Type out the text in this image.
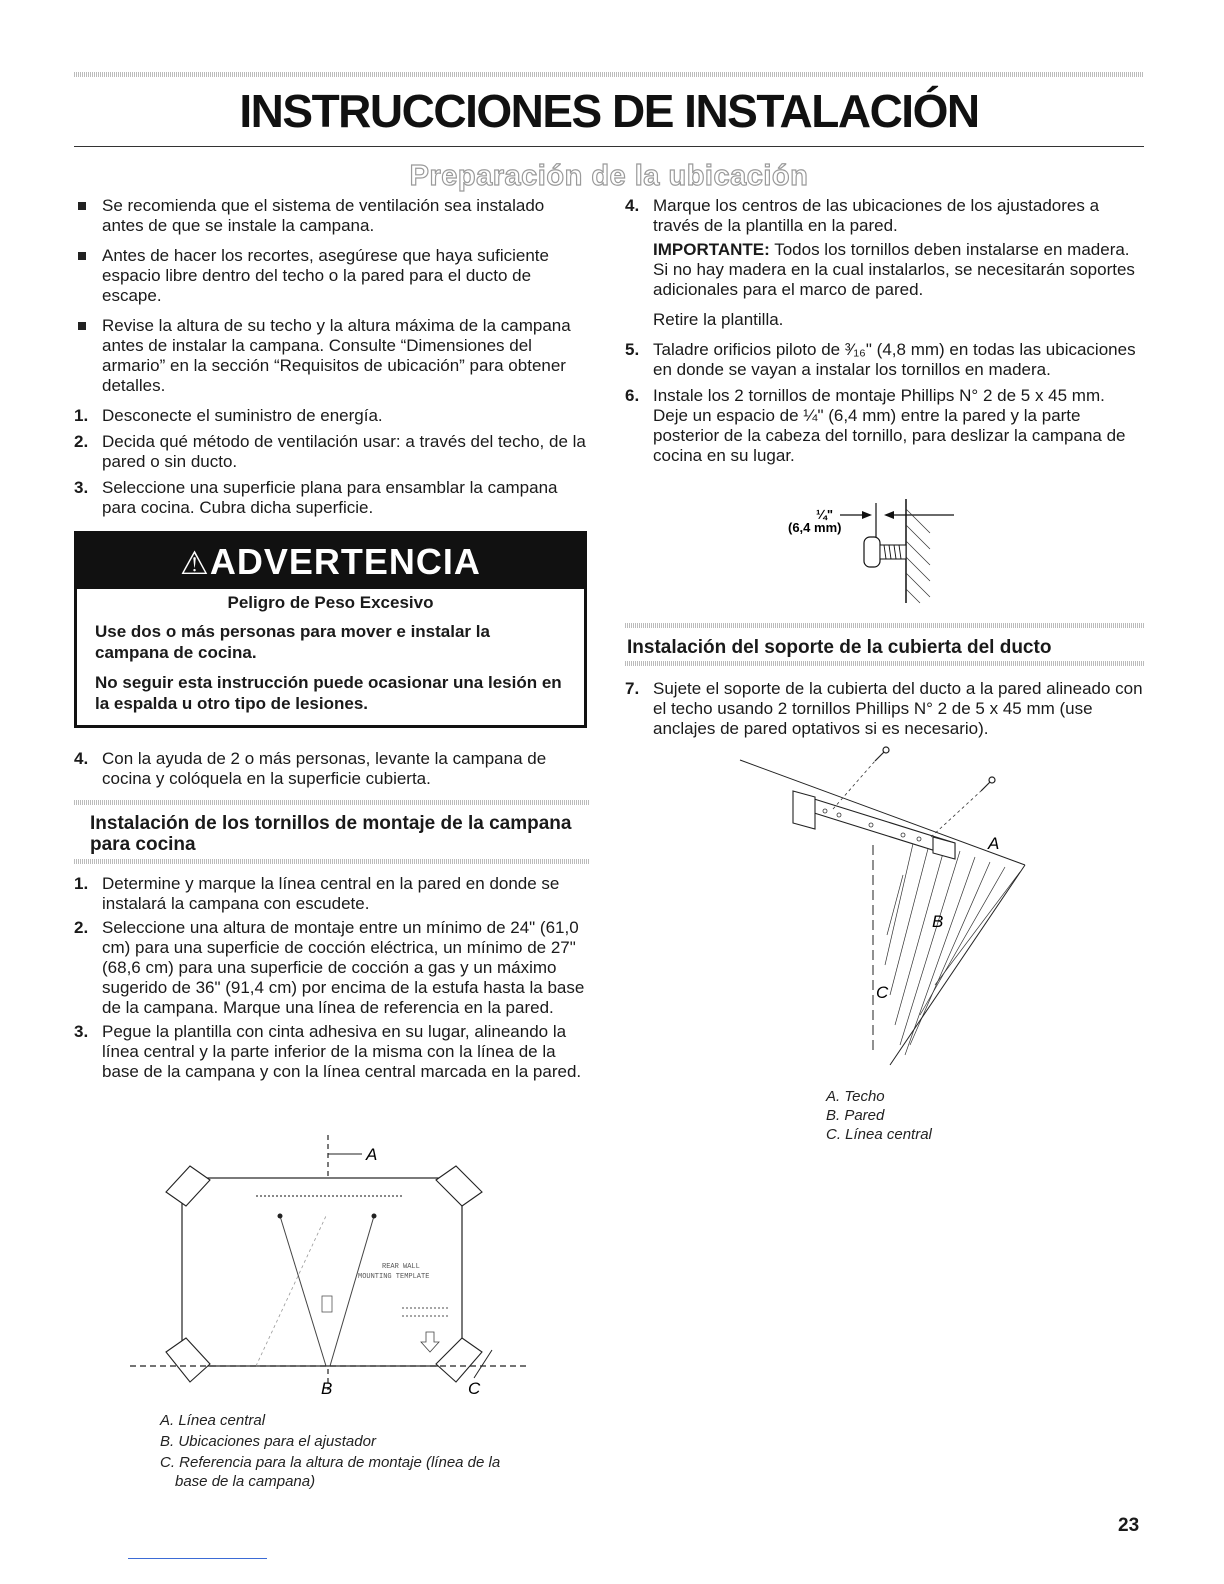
INSTRUCCIONES DE INSTALACIÓN
Preparación de la ubicación

Se recomienda que el sistema de ventilación sea instalado antes de que se instale la campana.

Antes de hacer los recortes, asegúrese que haya suficiente espacio libre dentro del techo o la pared para el ducto de escape.

Revise la altura de su techo y la altura máxima de la campana antes de instalar la campana. Consulte “Dimensiones del armario” en la sección “Requisitos de ubicación” para obtener detalles.

1. Desconecte el suministro de energía.

2. Decida qué método de ventilación usar: a través del techo, de la pared o sin ducto.

3. Seleccione una superficie plana para ensamblar la campana para cocina. Cubra dicha superficie.

⚠ADVERTENCIA

Peligro de Peso Excesivo

Use dos o más personas para mover e instalar la campana de cocina.

No seguir esta instrucción puede ocasionar una lesión en la espalda u otro tipo de lesiones.

4. Con la ayuda de 2 o más personas, levante la campana de cocina y colóquela en la superficie cubierta.

Instalación de los tornillos de montaje de la campana para cocina
1. Determine y marque la línea central en la pared en donde se instalará la campana con escudete.

2. Seleccione una altura de montaje entre un mínimo de 24" (61,0 cm) para una superficie de cocción eléctrica, un mínimo de 27" (68,6 cm) para una superficie de cocción a gas y un máximo sugerido de 36" (91,4 cm) por encima de la estufa hasta la base de la campana. Marque una línea de referencia en la pared.

3. Pegue la plantilla con cinta adhesiva en su lugar, alineando la línea central y la parte inferior de la misma con la línea de la base de la campana y con la línea central marcada en la pared.

A
REAR WALL
MOUNTING TEMPLATE
B	C
A. Línea central
B. Ubicaciones para el ajustador
C. Referencia para la altura de montaje (línea de la base de la campana)
4. Marque los centros de las ubicaciones de los ajustadores a través de la plantilla en la pared.

IMPORTANTE: Todos los tornillos deben instalarse en madera. Si no hay madera en la cual instalarlos, se necesitarán soportes adicionales para el marco de pared.

Retire la plantilla.

5. Taladre orificios piloto de ³⁄₁₆" (4,8 mm) en todas las ubicaciones en donde se vayan a instalar los tornillos en madera.

6. Instale los 2 tornillos de montaje Phillips N° 2 de 5 x 45 mm. Deje un espacio de ¼" (6,4 mm) entre la pared y la parte posterior de la cabeza del tornillo, para deslizar la campana de cocina en su lugar.

¼"
(6,4 mm)
Instalación del soporte de la cubierta del ducto
7. Sujete el soporte de la cubierta del ducto a la pared alineado con el techo usando 2 tornillos Phillips N° 2 de 5 x 45 mm (use anclajes de pared optativos si es necesario).

A
B
C
A. Techo
B. Pared
C. Línea central
23
